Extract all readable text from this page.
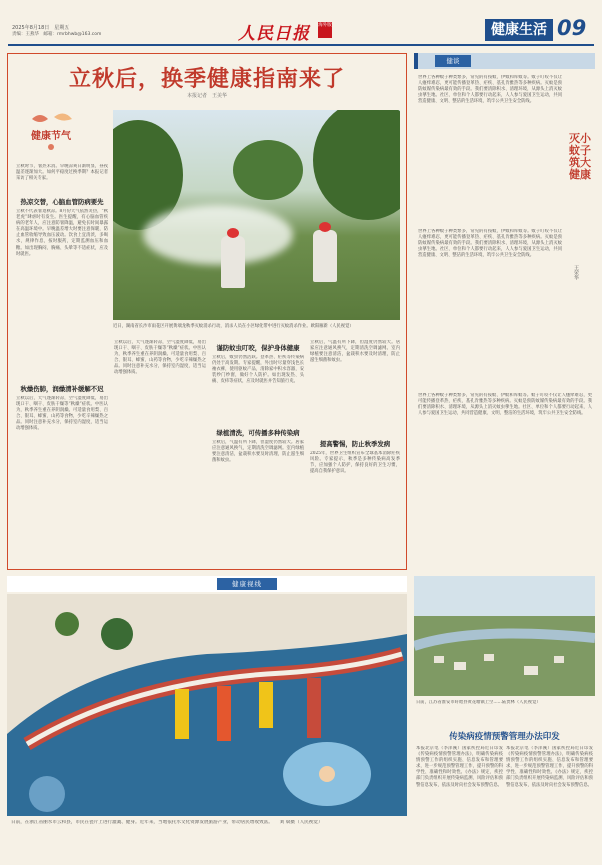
2025年8月18日　星期五
责编：王燕华　邮箱：rmrbhwb@163.com	人民日报 海外版	健康生活 09
立秋后，换季健康指南来了
本报记者　王美华
健康节气
近日，湖南省长沙市雨花区开展黄端龙秋季灭蚊消杀行动，消杀人员在小区绿化带中进行灭蚊消杀作业。欧阳雁新（人民视觉）

立秋时节，暑热未消。早晚凉爽日渐明显，昼夜温差逐渐加大。如何平稳度过换季期？本报记者采访了相关专家。

热凉交替，心脑血管防病要先

立秋不代表暑退秋凉。8月份天气依然炎热，“秋老虎”肆虐时有发生。医生提醒，有心脑血管疾病的老年人，应注意防暑降温，避免长时间暴露在高温环境中。早晚温差增大时要注意保暖，防止血管收缩导致血压波动。饮食上宜清淡，多喝水，规律作息，按时服药，定期监测血压和血糖。如出现胸闷、胸痛、头晕等不适症状，应及时就医。

秋燥伤肺，润燥清补缓解不迟

立秋以后，天气逐渐转凉，空气湿度降低，易出现口干、咽干、皮肤干燥等“秋燥”症状。中医认为，秋季养生重在养阴润燥。可适量食用梨、百合、银耳、蜂蜜、山药等食物，少吃辛辣燥热之品。同时注意补充水分，保持室内湿度，适当运动增强体质。

立秋以后，天气逐渐转凉，空气湿度降低，易出现口干、咽干、皮肤干燥等“秋燥”症状。中医认为，秋季养生重在养阴润燥。可适量食用梨、百合、银耳、蜂蜜、山药等食物，少吃辛辣燥热之品。同时注意补充水分，保持室内湿度，适当运动增强体质。

谨防蚊虫叮咬，保护身体健康

立秋后，蚊虫仍然活跃。登革热、疟疾等传染病仍处于高发期。专家提醒，外出时尽量穿浅色长袖衣裤，使用驱蚊产品，清除家中积水容器，安装纱门纱窗，做好个人防护。如出现发热、头痛、皮疹等症状，应及时就医并告知旅行史。

绿植清洗，可传播多种传染病

立秋后，气温有所下降，但湿度仍然较大。居家应注意通风换气，定期清洗空调滤网。室内绿植要注意清洁，盆栽积水要及时清理，防止滋生细菌和蚊虫。

立秋后，气温有所下降，但湿度仍然较大。居家应注意通风换气，定期清洗空调滤网。室内绿植要注意清洁，盆栽积水要及时清理，防止滋生细菌和蚊虫。

提高警惕，防止秋季发病

2025年，世界卫生组织宣布全球基本消除疟疾风险。专家提示，秋季是多种传染病高发季节，应加强个人防护，保持良好的卫生习惯，提高自我保护意识。

健谈
灭小蚊子　筑大健康
王荣华

世界上各种蚊子种类繁多，常见的有按蚊、伊蚊和库蚊等。蚊子叮咬不仅让人瘙痒难忍，更可能传播登革热、疟疾、基孔肯雅热等多种疾病。灭蚊是预防蚊媒传染病最有效的手段。我们要清除积水、清理环境，从源头上消灭蚊虫孳生地。社区、单位和个人都要行动起来，人人参与爱国卫生运动，共同营造健康、文明、整洁的生活环境，筑牢公共卫生安全防线。

世界上各种蚊子种类繁多，常见的有按蚊、伊蚊和库蚊等。蚊子叮咬不仅让人瘙痒难忍，更可能传播登革热、疟疾、基孔肯雅热等多种疾病。灭蚊是预防蚊媒传染病最有效的手段。我们要清除积水、清理环境，从源头上消灭蚊虫孳生地。社区、单位和个人都要行动起来，人人参与爱国卫生运动，共同营造健康、文明、整洁的生活环境，筑牢公共卫生安全防线。

世界上各种蚊子种类繁多，常见的有按蚊、伊蚊和库蚊等。蚊子叮咬不仅让人瘙痒难忍，更可能传播登革热、疟疾、基孔肯雅热等多种疾病。灭蚊是预防蚊媒传染病最有效的手段。我们要清除积水、清理环境，从源头上消灭蚊虫孳生地。社区、单位和个人都要行动起来，人人参与爱国卫生运动，共同营造健康、文明、整洁的生活环境，筑牢公共卫生安全防线。

健康视线

日前，在浙江省丽水市云和县，市民在瓷片上进行灌溉、健身。近年来，当地依托水文化资源发展旅游产业，带动居民增收致富。　　刘 斌摄（人民视觉）

日前，江苏省淮安市盱眙县黄花塘镇上空……陆贵林（人民视觉）

传染病疫情预警管理办法印发

本报北京电（李泽溪）国家疾控局近日印发《传染病疫情预警管理办法》，明确传染病疫情预警工作的组织实施、信息发布和管理要求，进一步规范预警管理工作，提升预警的科学性、准确性和时效性。《办法》规定，疾控部门负责组织开展传染病监测、风险评估和预警信息发布，依法及时向社会发布预警信息。

本报北京电（李泽溪）国家疾控局近日印发《传染病疫情预警管理办法》，明确传染病疫情预警工作的组织实施、信息发布和管理要求，进一步规范预警管理工作，提升预警的科学性、准确性和时效性。《办法》规定，疾控部门负责组织开展传染病监测、风险评估和预警信息发布，依法及时向社会发布预警信息。
